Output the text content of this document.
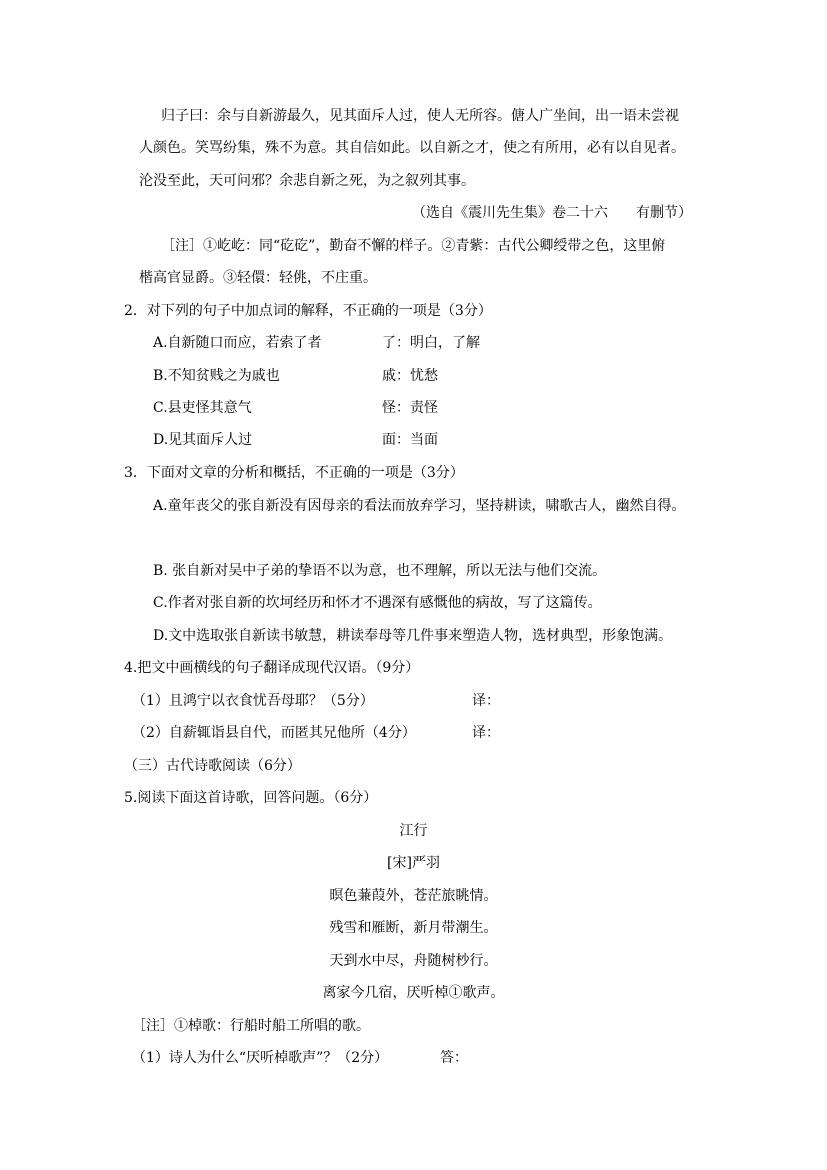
归子曰：余与自新游最久，见其面斥人过，使人无所容。傏人广坐间，出一语未尝视
人颜色。笑骂纷集，殊不为意。其自信如此。以自新之才，使之有所用，必有以自见者。
沦没至此，天可问邪？余悲自新之死，为之叙列其事。
（选自《震川先生集》卷二十六　　有删节）
［注］①屹屹：同“矻矻”，勤奋不懈的样子。②青紫：古代公卿绶带之色，这里俯
楷高官显爵。③轻儇：轻佻，不庄重。
2．对下列的句子中加点词的解释，不正确的一项是（3分）
A.自新随口而应，若索了者	了：明白，了解
B.不知贫贱之为戚也	戚：忧愁
C.县吏怪其意气	怪：责怪
D.见其面斥人过	面：当面
3．下面对文章的分析和概括，不正确的一项是（3分）
A.童年丧父的张自新没有因母亲的看法而放弃学习，坚持耕读，啸歌古人，幽然自得。
B. 张自新对吴中子弟的挚语不以为意，也不理解，所以无法与他们交流。
C.作者对张自新的坎坷经历和怀才不遇深有感慨他的病故，写了这篇传。
D.文中选取张自新读书敏慧，耕读奉母等几件事来塑造人物，选材典型，形象饱满。
4.把文中画横线的句子翻译成现代汉语。（9分）
（1）且鸿宁以衣食忧吾母耶？（5分）	译：
（2）自薪辄诣县自代，而匿其兄他所（4分）	译：
（三）古代诗歌阅读（6分）
5.阅读下面这首诗歌，回答问题。（6分）
江行
[宋]严羽
暝色蒹葭外，苍茫旅眺情。
残雪和雁断，新月带潮生。
天到水中尽，舟随树杪行。
离家今几宿，厌听棹①歌声。
［注］①棹歌：行船时船工所唱的歌。
（1）诗人为什么“厌听棹歌声”？（2分）	答：
